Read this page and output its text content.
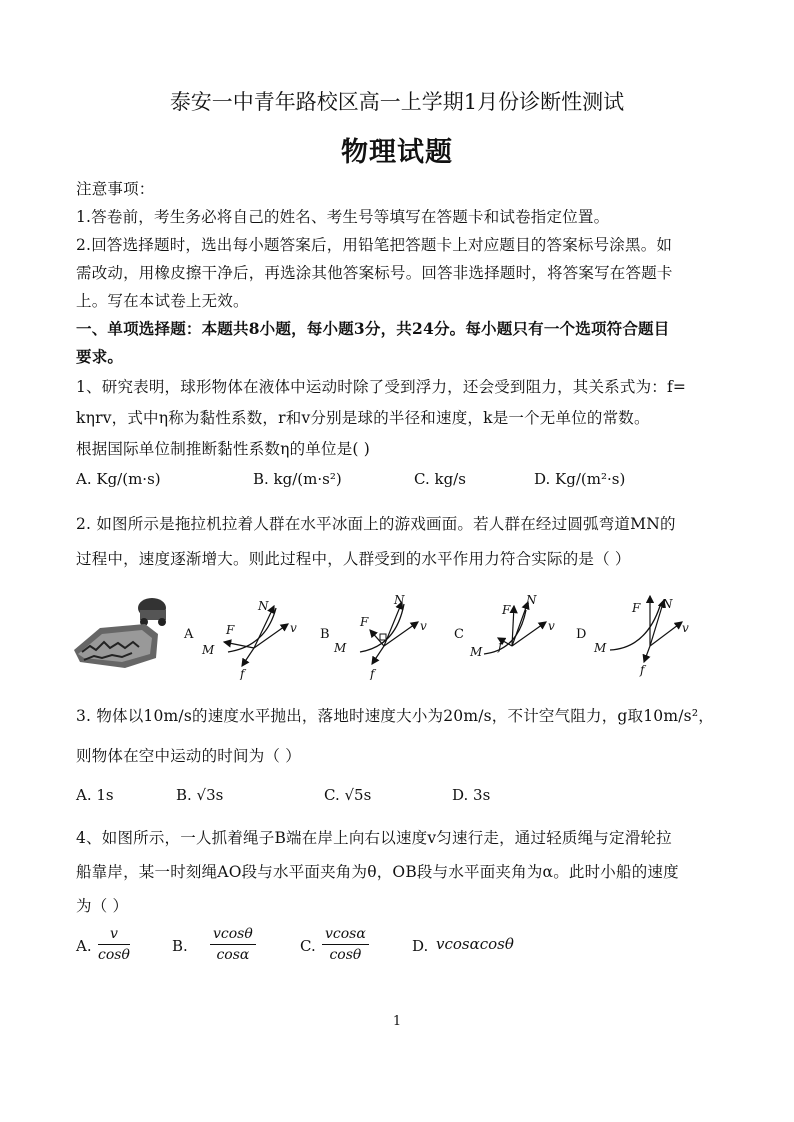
泰安一中青年路校区高一上学期1月份诊断性测试
物理试题
注意事项：
1.答卷前，考生务必将自己的姓名、考生号等填写在答题卡和试卷指定位置。
2.回答选择题时，选出每小题答案后，用铅笔把答题卡上对应题目的答案标号涂黑。如
需改动，用橡皮擦干净后，再选涂其他答案标号。回答非选择题时，将答案写在答题卡
上。写在本试卷上无效。
一、单项选择题：本题共8小题，每小题3分，共24分。每小题只有一个选项符合题目
要求。
1、研究表明，球形物体在液体中运动时除了受到浮力，还会受到阻力，其关系式为：f=
kηrv，式中η称为黏性系数，r和v分别是球的半径和速度，k是一个无单位的常数。
根据国际单位制推断黏性系数η的单位是( )
A. Kg/(m·s)	B. kg/(m·s²)	C. kg/s	D. Kg/(m²·s)
2. 如图所示是拖拉机拉着人群在水平冰面上的游戏画面。若人群在经过圆弧弯道MN的
过程中，速度逐渐增大。则此过程中，人群受到的水平作用力符合实际的是（ ）
A
N
F	v
M
f
B
N
F	v
M
f
C
N
F
v
M f
D
N
F
v
M
f
3. 物体以10m/s的速度水平抛出，落地时速度大小为20m/s，不计空气阻力，g取10m/s²，
则物体在空中运动的时间为（ ）
A. 1s	B. √3s	C. √5s	D. 3s
4、如图所示，一人抓着绳子B端在岸上向右以速度v匀速行走，通过轻质绳与定滑轮拉
船靠岸，某一时刻绳AO段与水平面夹角为θ，OB段与水平面夹角为α。此时小船的速度
为（ ）
A. $\frac{v}{\cos\theta}$	B. $\frac{vcos\theta}{\cos\alpha}$	C. $\frac{vcos\alpha}{\cos\theta}$	D. vcosαcosθ
1
